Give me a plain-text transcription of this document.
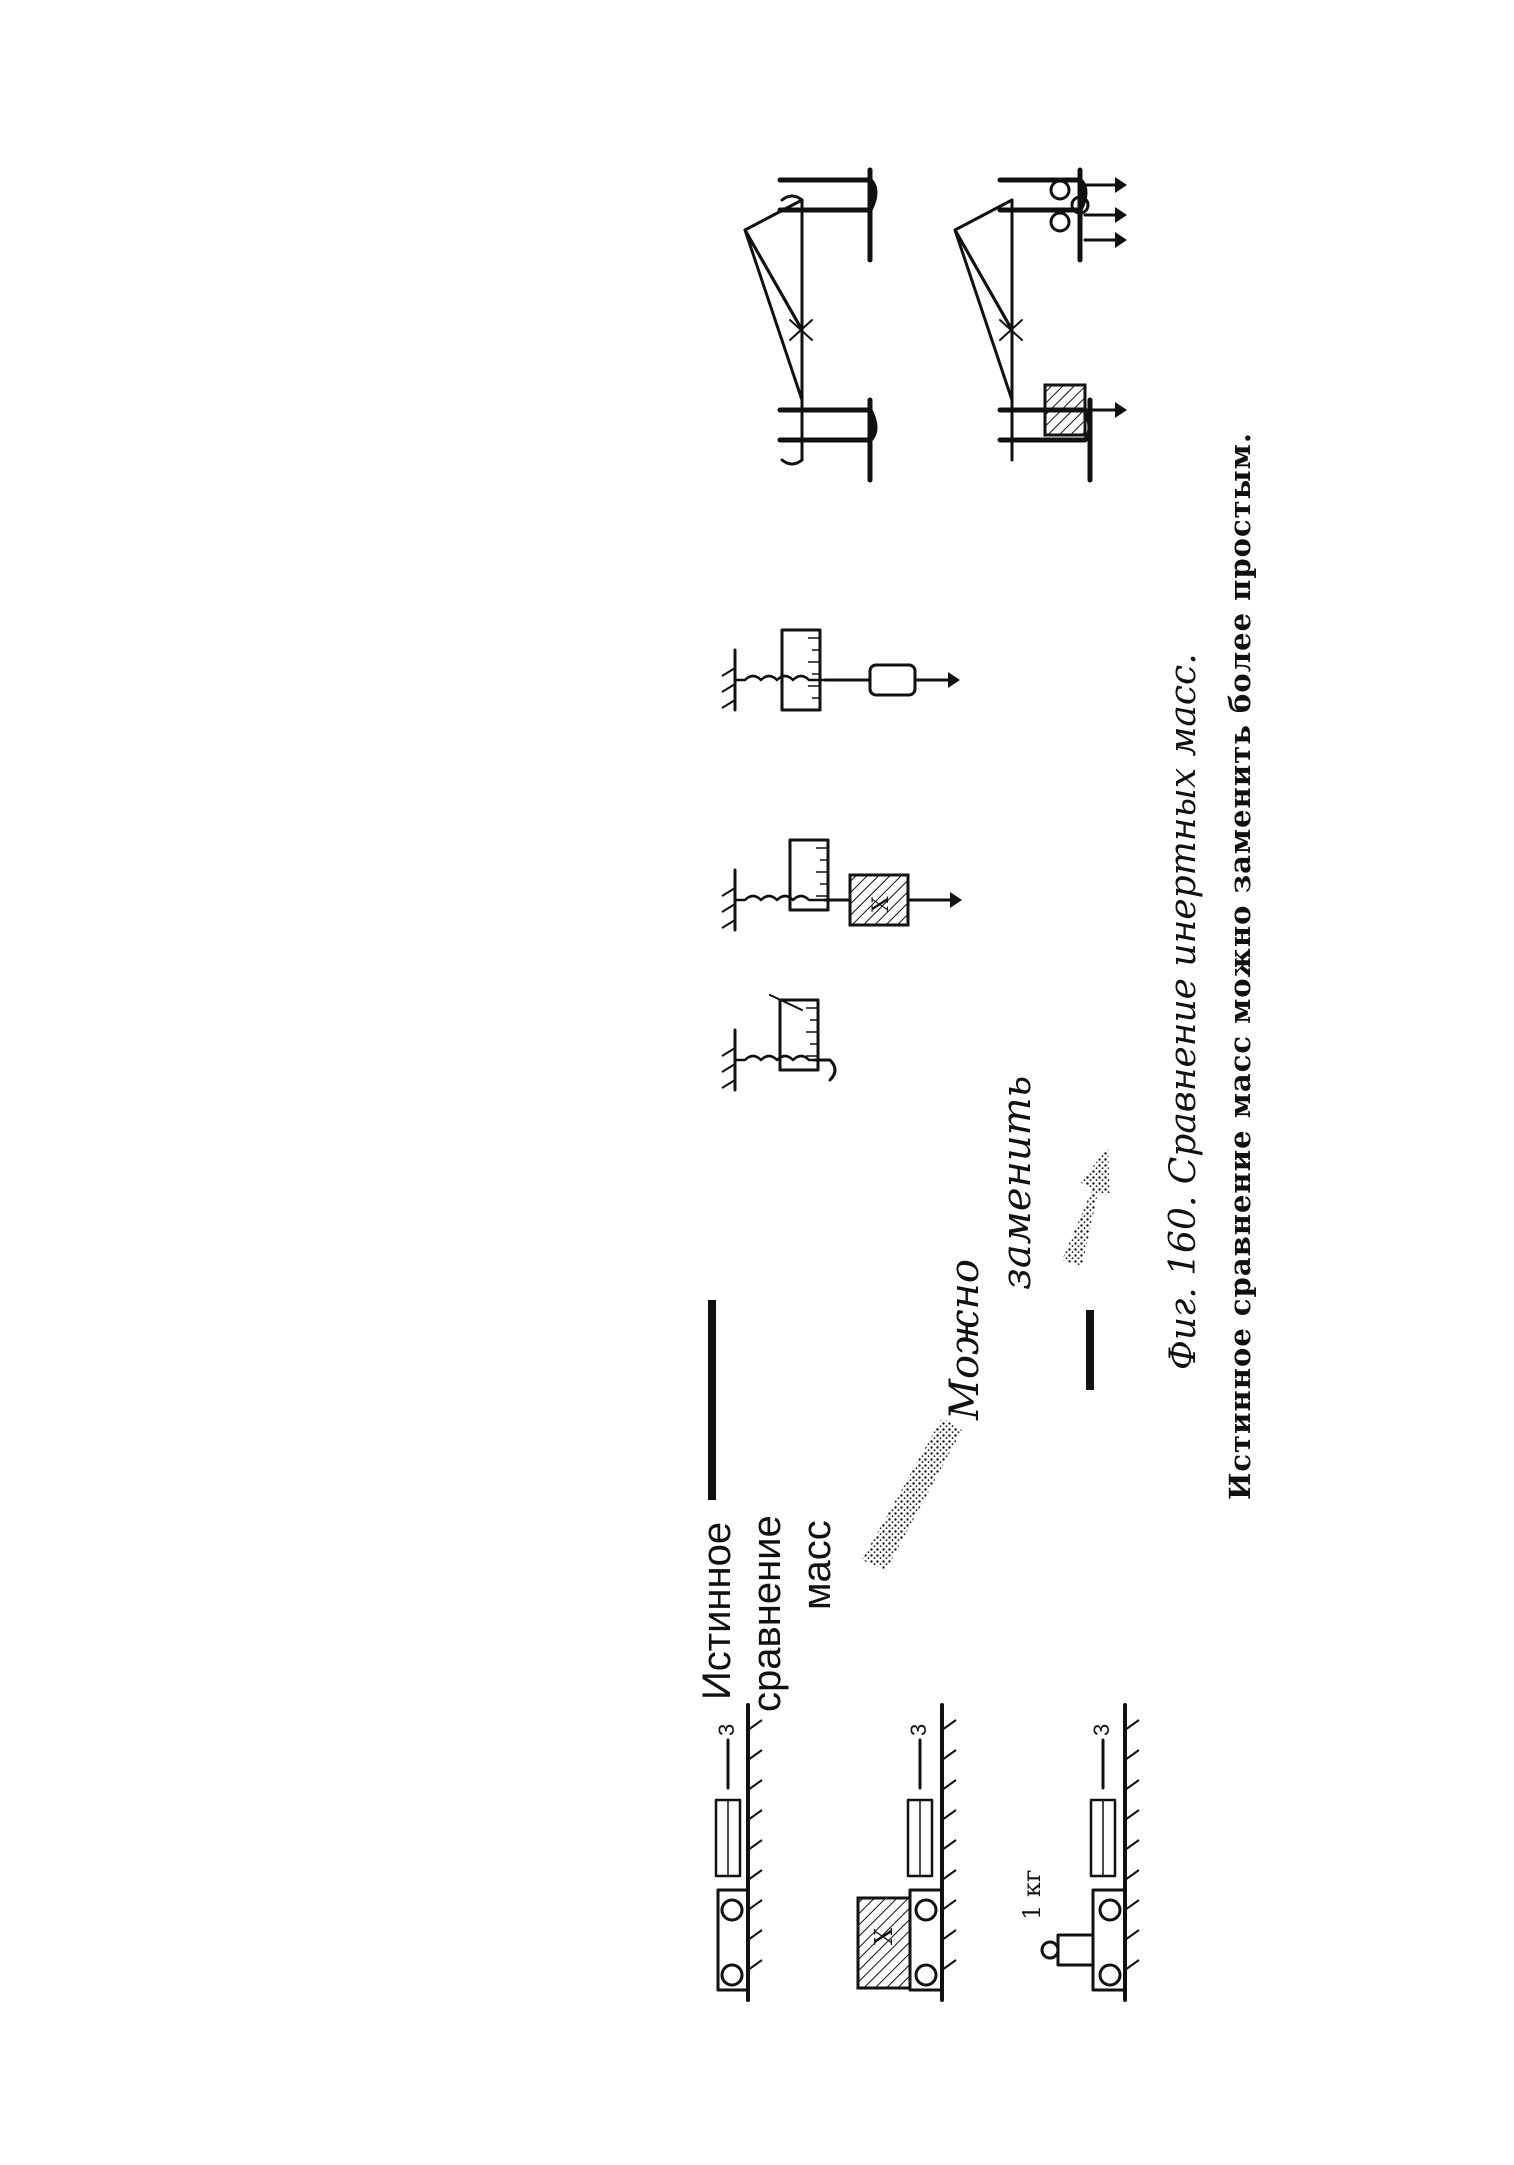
3
X
3
1 кг
3
Истинное сравнение масс
Можно
заменить
X	Фиг. 160. Сравнение инертных масс. Истинное сравнение масс можно заменить более простым.
